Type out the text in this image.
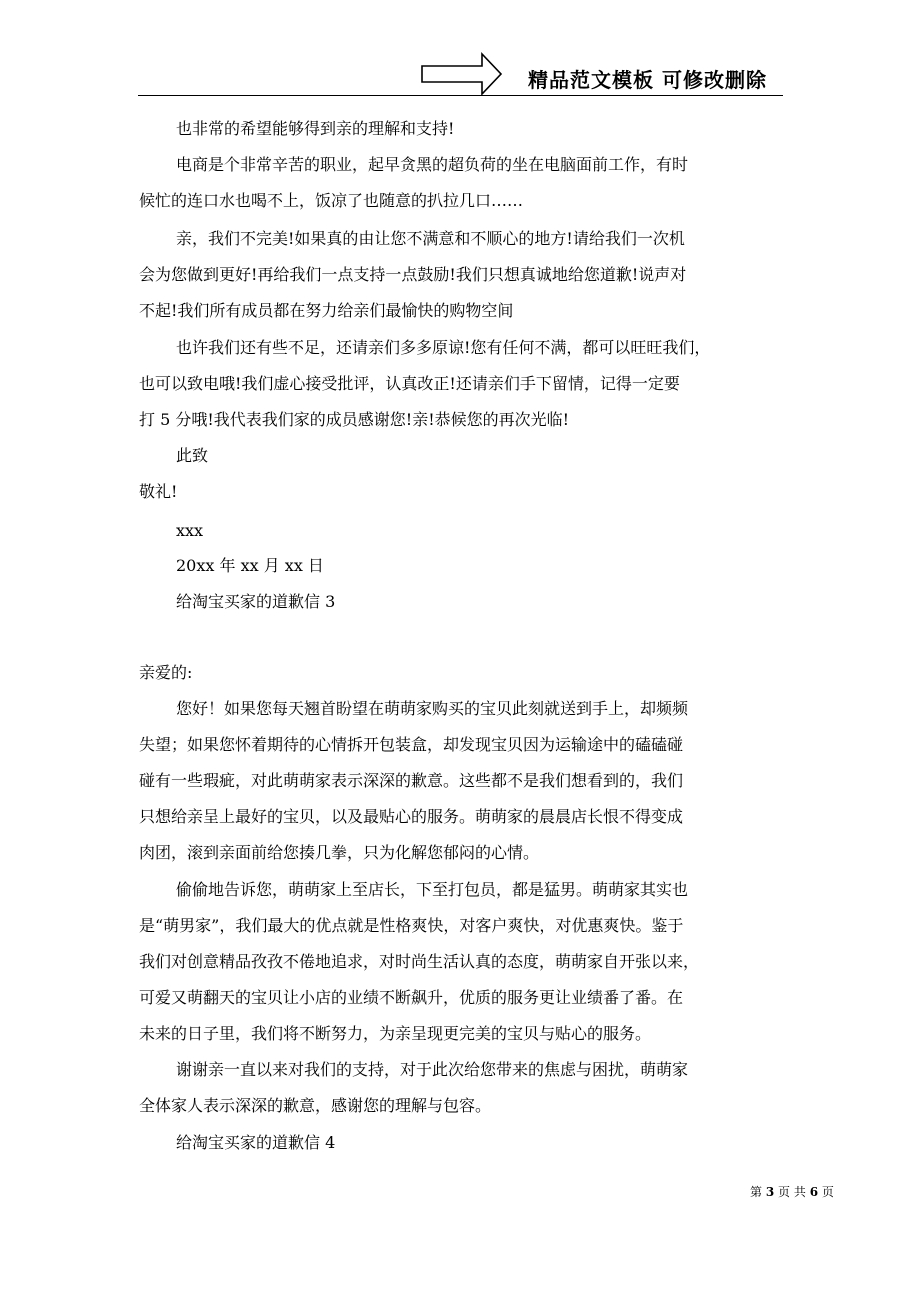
精品范文模板 可修改删除
也非常的希望能够得到亲的理解和支持!
电商是个非常辛苦的职业，起早贪黑的超负荷的坐在电脑面前工作，有时
候忙的连口水也喝不上，饭凉了也随意的扒拉几口……
亲，我们不完美!如果真的由让您不满意和不顺心的地方!请给我们一次机
会为您做到更好!再给我们一点支持一点鼓励!我们只想真诚地给您道歉!说声对
不起!我们所有成员都在努力给亲们最愉快的购物空间
也许我们还有些不足，还请亲们多多原谅!您有任何不满，都可以旺旺我们，
也可以致电哦!我们虚心接受批评，认真改正!还请亲们手下留情，记得一定要
打 5 分哦!我代表我们家的成员感谢您!亲!恭候您的再次光临!
此致
敬礼!
xxx
20xx 年 xx 月 xx 日
给淘宝买家的道歉信 3
亲爱的:
您好！如果您每天翘首盼望在萌萌家购买的宝贝此刻就送到手上，却频频
失望；如果您怀着期待的心情拆开包装盒，却发现宝贝因为运输途中的磕磕碰
碰有一些瑕疵，对此萌萌家表示深深的歉意。这些都不是我们想看到的，我们
只想给亲呈上最好的宝贝，以及最贴心的服务。萌萌家的晨晨店长恨不得变成
肉团，滚到亲面前给您揍几拳，只为化解您郁闷的心情。
偷偷地告诉您，萌萌家上至店长，下至打包员，都是猛男。萌萌家其实也
是“萌男家”，我们最大的优点就是性格爽快，对客户爽快，对优惠爽快。鉴于
我们对创意精品孜孜不倦地追求，对时尚生活认真的态度，萌萌家自开张以来，
可爱又萌翻天的宝贝让小店的业绩不断飙升，优质的服务更让业绩番了番。在
未来的日子里，我们将不断努力，为亲呈现更完美的宝贝与贴心的服务。
谢谢亲一直以来对我们的支持，对于此次给您带来的焦虑与困扰，萌萌家
全体家人表示深深的歉意，感谢您的理解与包容。
给淘宝买家的道歉信 4
第 3 页 共 6 页
